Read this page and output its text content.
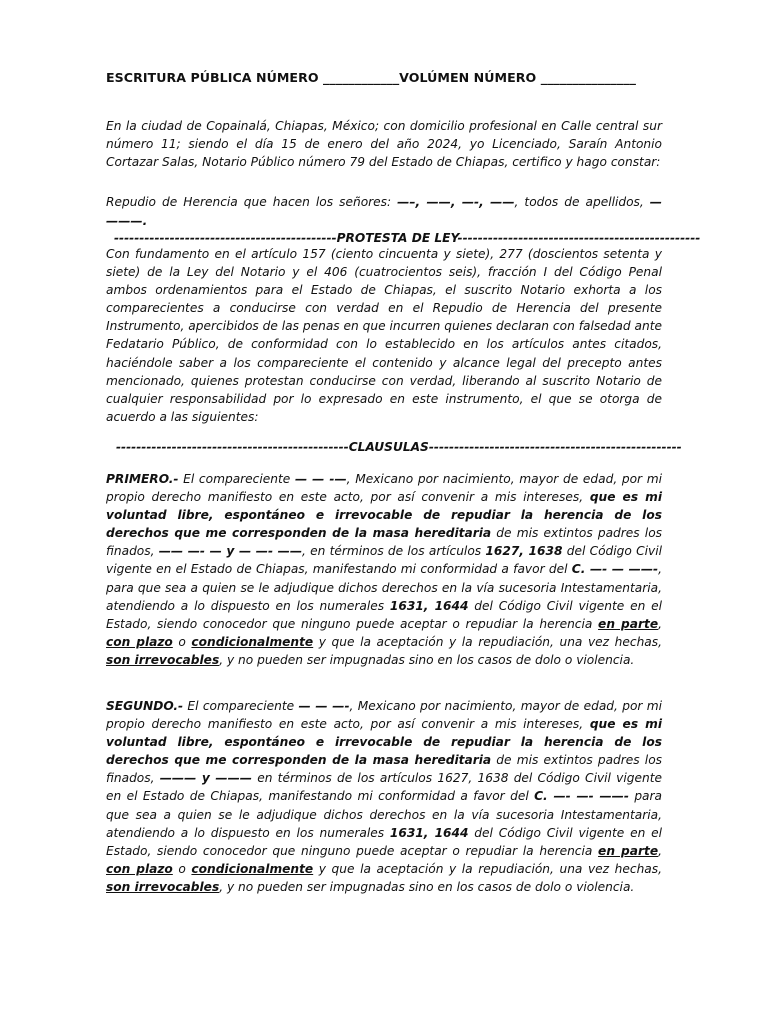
ESCRITURA PÚBLICA NÚMERO ____________VOLÚMEN NÚMERO _______________
En la ciudad de Copainalá, Chiapas, México; con domicilio profesional en Calle central sur número 11; siendo el día 15 de enero del año 2024, yo Licenciado, Saraín Antonio Cortazar Salas, Notario Público número 79 del Estado de Chiapas, certifico y hago constar:
Repudio de Herencia que hacen los señores: —–, ——, —-, ——, todos de apellidos, — ———.
--------------------------------------------PROTESTA DE LEY------------------------------------------------
Con fundamento en el artículo 157 (ciento cincuenta y siete), 277 (doscientos setenta y siete) de la Ley del Notario y el 406 (cuatrocientos seis), fracción I del Código Penal ambos ordenamientos para el Estado de Chiapas, el suscrito Notario exhorta a los comparecientes a conducirse con verdad en el Repudio de Herencia del presente Instrumento, apercibidos de las penas en que incurren quienes declaran con falsedad ante Fedatario Público, de conformidad con lo establecido en los artículos antes citados, haciéndole saber a los compareciente el contenido y alcance legal del precepto antes mencionado, quienes protestan conducirse con verdad, liberando al suscrito Notario de cualquier responsabilidad por lo expresado en este instrumento, el que se otorga de acuerdo a las siguientes:
----------------------------------------------CLAUSULAS--------------------------------------------------
PRIMERO.- El compareciente — — -—, Mexicano por nacimiento, mayor de edad, por mi propio derecho manifiesto en este acto, por así convenir a mis intereses, que es mi voluntad libre, espontáneo e irrevocable de repudiar la herencia de los derechos que me corresponden de la masa hereditaria de mis extintos padres los finados, —— —- — y — —- ——, en términos de los artículos 1627, 1638 del Código Civil vigente en el Estado de Chiapas, manifestando mi conformidad a favor del C. —- — ——-, para que sea a quien se le adjudique dichos derechos en la vía sucesoria Intestamentaria, atendiendo a lo dispuesto en los numerales 1631, 1644 del Código Civil vigente en el Estado, siendo conocedor que ninguno puede aceptar o repudiar la herencia en parte, con plazo o condicionalmente y que la aceptación y la repudiación, una vez hechas, son irrevocables, y no pueden ser impugnadas sino en los casos de dolo o violencia.
SEGUNDO.- El compareciente — — —-, Mexicano por nacimiento, mayor de edad, por mi propio derecho manifiesto en este acto, por así convenir a mis intereses, que es mi voluntad libre, espontáneo e irrevocable de repudiar la herencia de los derechos que me corresponden de la masa hereditaria de mis extintos padres los finados, ——— y ——— en términos de los artículos 1627, 1638 del Código Civil vigente en el Estado de Chiapas, manifestando mi conformidad a favor del C. —- —- ——- para que sea a quien se le adjudique dichos derechos en la vía sucesoria Intestamentaria, atendiendo a lo dispuesto en los numerales 1631, 1644 del Código Civil vigente en el Estado, siendo conocedor que ninguno puede aceptar o repudiar la herencia en parte, con plazo o condicionalmente y que la aceptación y la repudiación, una vez hechas, son irrevocables, y no pueden ser impugnadas sino en los casos de dolo o violencia.
